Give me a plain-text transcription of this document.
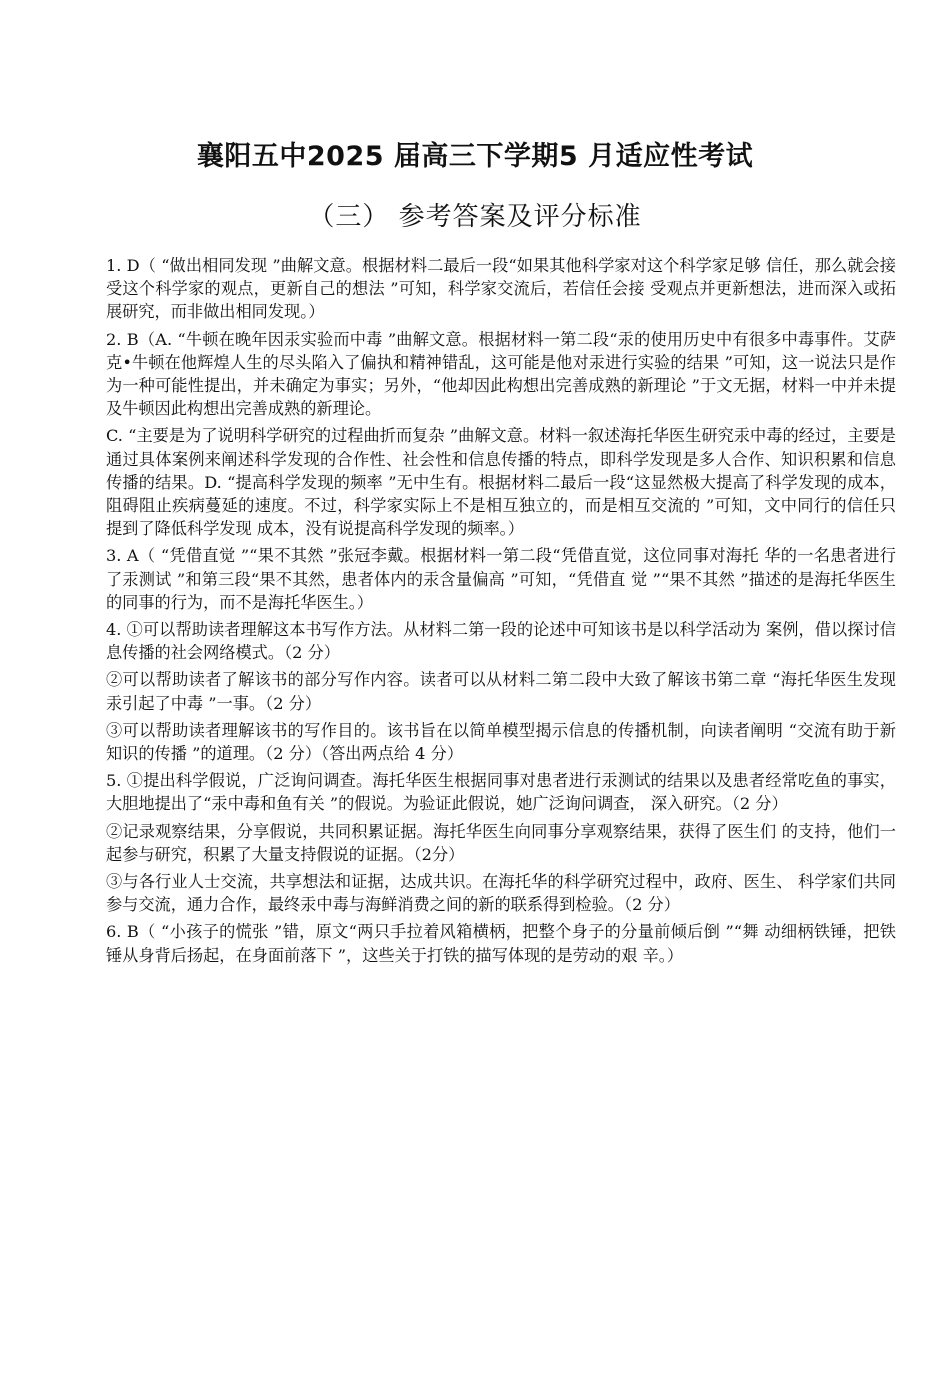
襄阳五中2025 届高三下学期5 月适应性考试
（三） 参考答案及评分标准

1. D（ “做出相同发现 ”曲解文意。根据材料二最后一段“如果其他科学家对这个科学家足够 信任，那么就会接受这个科学家的观点，更新自己的想法 ”可知，科学家交流后，若信任会接 受观点并更新想法，进而深入或拓展研究，而非做出相同发现。）

2. B（A. “牛顿在晚年因汞实验而中毒 ”曲解文意。根据材料一第二段“汞的使用历史中有很多中毒事件。艾萨克•牛顿在他辉煌人生的尽头陷入了偏执和精神错乱，这可能是他对汞进行实验的结果 ”可知，这一说法只是作为一种可能性提出，并未确定为事实；另外，“他却因此构想出完善成熟的新理论 ”于文无据，材料一中并未提及牛顿因此构想出完善成熟的新理论。

C. “主要是为了说明科学研究的过程曲折而复杂 ”曲解文意。材料一叙述海托华医生研究汞中毒的经过，主要是通过具体案例来阐述科学发现的合作性、社会性和信息传播的特点，即科学发现是多人合作、知识积累和信息传播的结果。D. “提高科学发现的频率 ”无中生有。根据材料二最后一段“这显然极大提高了科学发现的成本，阻碍阻止疾病蔓延的速度。不过，科学家实际上不是相互独立的，而是相互交流的 ”可知，文中同行的信任只提到了降低科学发现 成本，没有说提高科学发现的频率。）

3. A（ “凭借直觉 ”“果不其然 ”张冠李戴。根据材料一第二段“凭借直觉，这位同事对海托 华的一名患者进行了汞测试 ”和第三段“果不其然，患者体内的汞含量偏高 ”可知，“凭借直 觉 ”“果不其然 ”描述的是海托华医生的同事的行为，而不是海托华医生。）

4. ①可以帮助读者理解这本书写作方法。从材料二第一段的论述中可知该书是以科学活动为 案例，借以探讨信息传播的社会网络模式。（2 分）

②可以帮助读者了解该书的部分写作内容。读者可以从材料二第二段中大致了解该书第二章 “海托华医生发现汞引起了中毒 ”一事。（2 分）

③可以帮助读者理解该书的写作目的。该书旨在以简单模型揭示信息的传播机制，向读者阐明 “交流有助于新知识的传播 ”的道理。（2 分）（答出两点给 4 分）

5. ①提出科学假说，广泛询问调查。海托华医生根据同事对患者进行汞测试的结果以及患者经常吃鱼的事实，大胆地提出了“汞中毒和鱼有关 ”的假说。为验证此假说，她广泛询问调查， 深入研究。（2 分）

②记录观察结果，分享假说，共同积累证据。海托华医生向同事分享观察结果，获得了医生们 的支持，他们一起参与研究，积累了大量支持假说的证据。（2分）

③与各行业人士交流，共享想法和证据，达成共识。在海托华的科学研究过程中，政府、医生、 科学家们共同参与交流，通力合作，最终汞中毒与海鲜消费之间的新的联系得到检验。（2 分）

6. B（ “小孩子的慌张 ”错，原文“两只手拉着风箱横柄，把整个身子的分量前倾后倒 ”“舞 动细柄铁锤，把铁锤从身背后扬起，在身面前落下 ”，这些关于打铁的描写体现的是劳动的艰 辛。）
